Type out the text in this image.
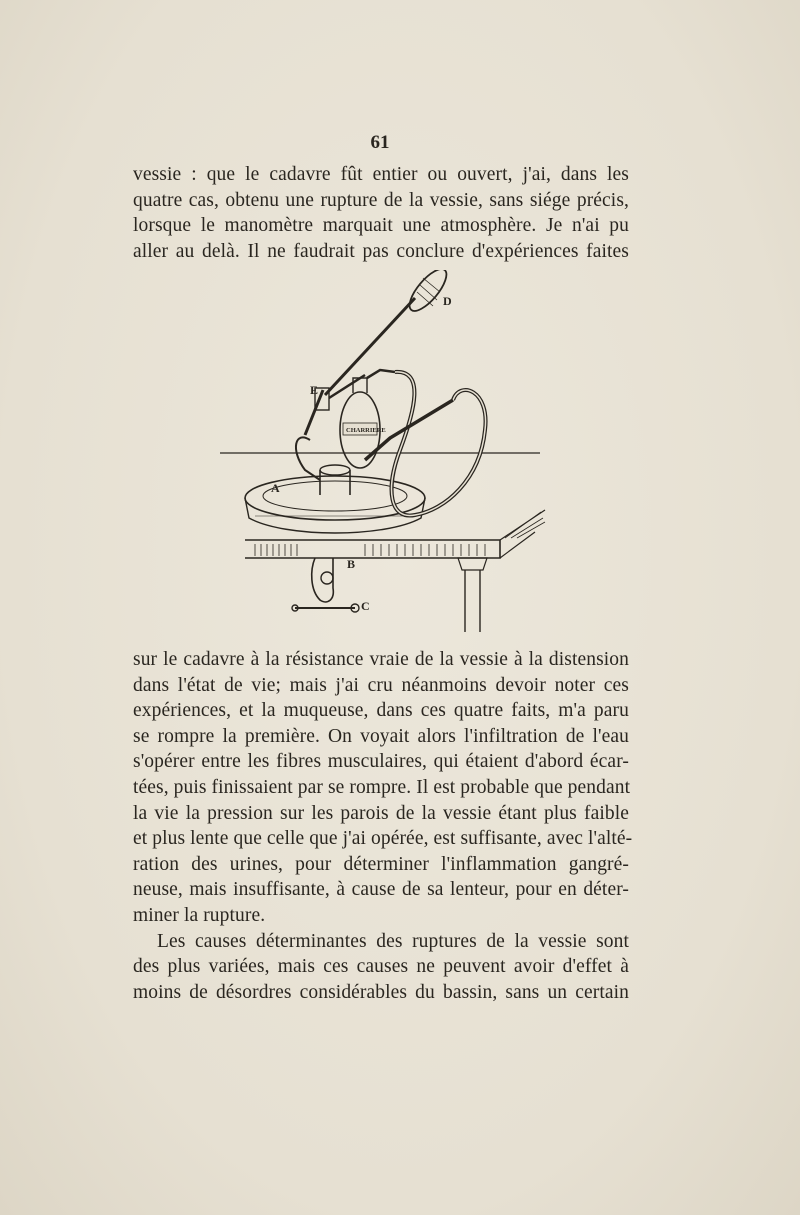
61
vessie : que le cadavre fût entier ou ouvert, j'ai, dans les
quatre cas, obtenu une rupture de la vessie, sans siége précis,
lorsque le manomètre marquait une atmosphère. Je n'ai pu
aller au delà. Il ne faudrait pas conclure d'expériences faites
E
A
B
C
D
CHARRIERE
sur le cadavre à la résistance vraie de la vessie à la distension
dans l'état de vie; mais j'ai cru néanmoins devoir noter ces
expériences, et la muqueuse, dans ces quatre faits, m'a paru
se rompre la première. On voyait alors l'infiltration de l'eau
s'opérer entre les fibres musculaires, qui étaient d'abord écar-
tées, puis finissaient par se rompre. Il est probable que pendant
la vie la pression sur les parois de la vessie étant plus faible
et plus lente que celle que j'ai opérée, est suffisante, avec l'alté-
ration des urines, pour déterminer l'inflammation gangré-
neuse, mais insuffisante, à cause de sa lenteur, pour en déter-
miner la rupture.
Les causes déterminantes des ruptures de la vessie sont
des plus variées, mais ces causes ne peuvent avoir d'effet à
moins de désordres considérables du bassin, sans un certain
